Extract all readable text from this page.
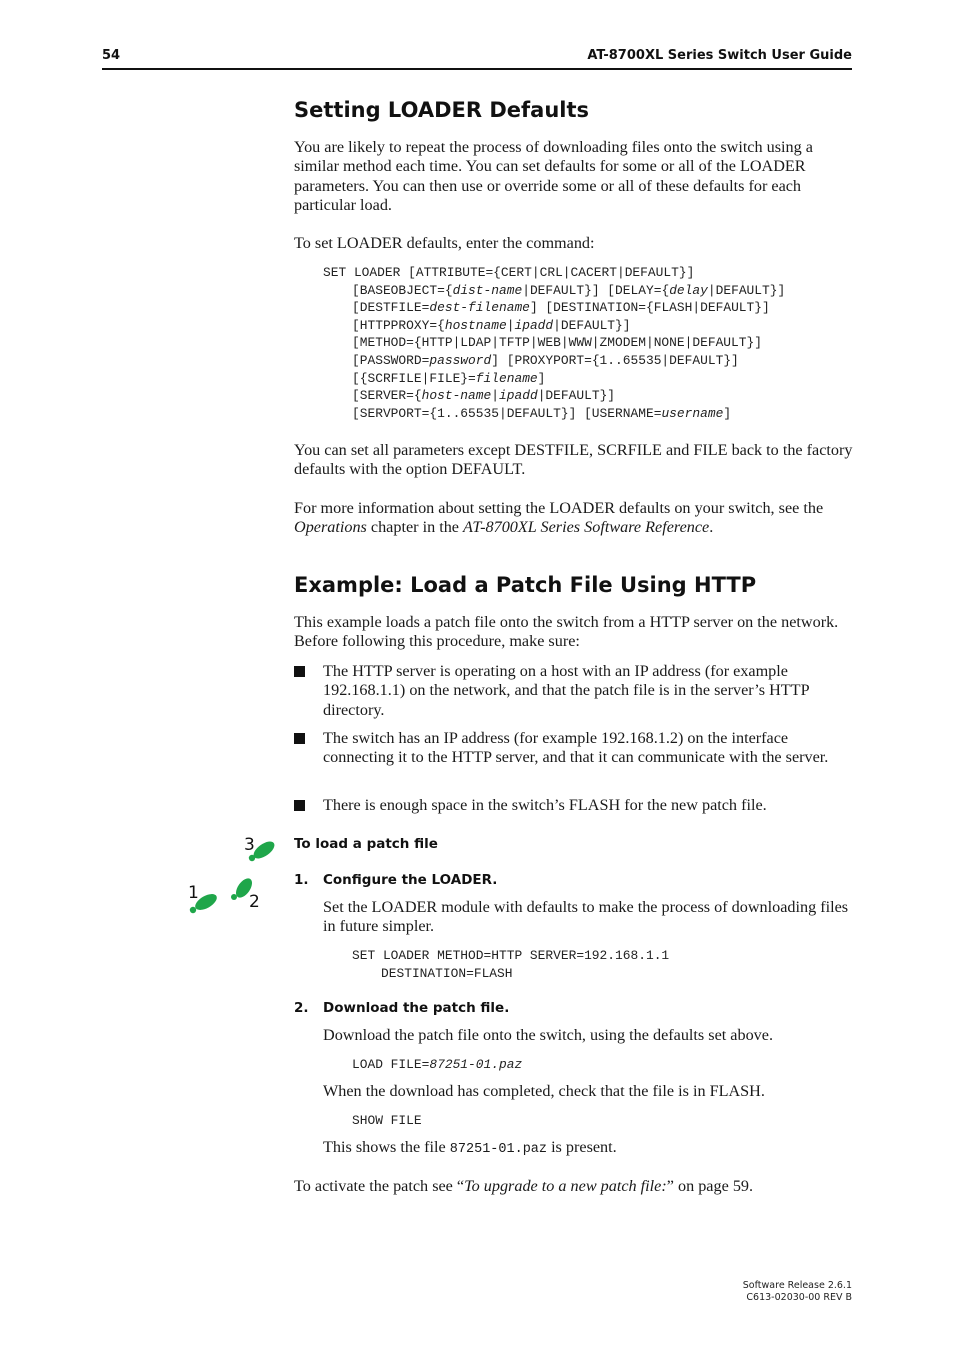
54	AT-8700XL Series Switch User Guide
Setting LOADER Defaults

You are likely to repeat the process of downloading files onto the switch using a similar method each time. You can set defaults for some or all of the LOADER parameters. You can then use or override some or all of these defaults for each particular load.

To set LOADER defaults, enter the command:

SET LOADER [ATTRIBUTE={CERT|CRL|CACERT|DEFAULT}]
[BASEOBJECT={dist-name|DEFAULT}] [DELAY={delay|DEFAULT}]
[DESTFILE=dest-filename] [DESTINATION={FLASH|DEFAULT}]
[HTTPPROXY={hostname|ipadd|DEFAULT}]
[METHOD={HTTP|LDAP|TFTP|WEB|WWW|ZMODEM|NONE|DEFAULT}]
[PASSWORD=password] [PROXYPORT={1..65535|DEFAULT}]
[{SCRFILE|FILE}=filename]
[SERVER={host-name|ipadd|DEFAULT}]
[SERVPORT={1..65535|DEFAULT}] [USERNAME=username]

You can set all parameters except DESTFILE, SCRFILE and FILE back to the factory defaults with the option DEFAULT.

For more information about setting the LOADER defaults on your switch, see the Operations chapter in the AT-8700XL Series Software Reference.

Example: Load a Patch File Using HTTP

This example loads a patch file onto the switch from a HTTP server on the network. Before following this procedure, make sure:

The HTTP server is operating on a host with an IP address (for example 192.168.1.1) on the network, and that the patch file is in the server’s HTTP directory.
The switch has an IP address (for example 192.168.1.2) on the interface connecting it to the HTTP server, and that it can communicate with the server.
There is enough space in the switch’s FLASH for the new patch file.
1	2
3	To load a patch file
1. Configure the LOADER.

Set the LOADER module with defaults to make the process of downloading files in future simpler.

SET LOADER METHOD=HTTP SERVER=192.168.1.1
DESTINATION=FLASH
2. Download the patch file.

Download the patch file onto the switch, using the defaults set above.

LOAD FILE=87251-01.paz

When the download has completed, check that the file is in FLASH.

SHOW FILE

This shows the file 87251-01.paz is present.

To activate the patch see “To upgrade to a new patch file:” on page 59.

Software Release 2.6.1
C613-02030-00 REV B
